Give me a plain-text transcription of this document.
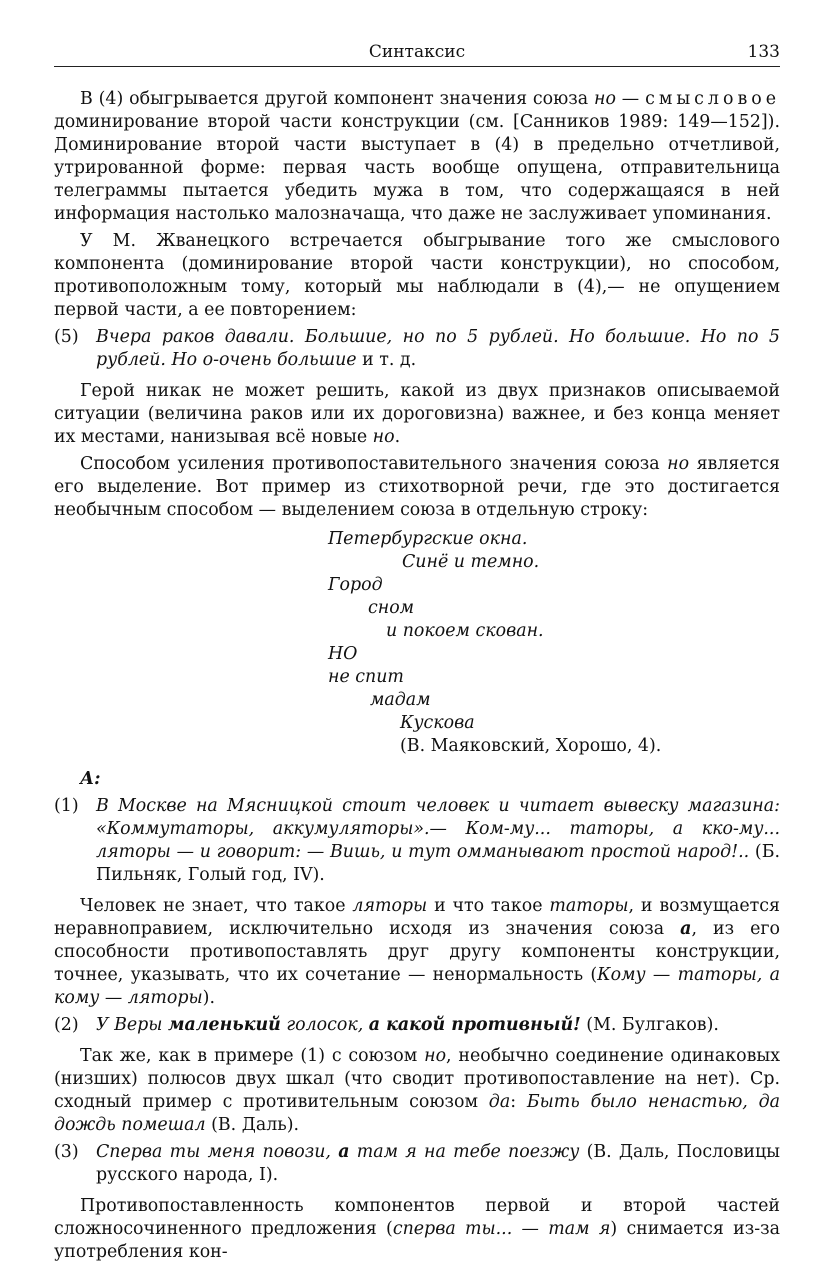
Синтаксис	133

В (4) обыгрывается другой компонент значения союза но — смысловое доминирование второй части конструкции (см. [Санников 1989: 149—152]). Доминирование второй части выступает в (4) в предельно отчетливой, утрированной форме: первая часть вообще опущена, отправительница телеграммы пытается убедить мужа в том, что содержащаяся в ней информация настолько малозначаща, что даже не заслуживает упоминания.

У М. Жванецкого встречается обыгрывание того же смыслового компонента (доминирование второй части конструкции), но способом, противоположным тому, который мы наблюдали в (4),— не опущением первой части, а ее повторением:

(5) Вчера раков давали. Большие, но по 5 рублей. Но большие. Но по 5 рублей. Но о-очень большие и т. д.

Герой никак не может решить, какой из двух признаков описываемой ситуации (величина раков или их дороговизна) важнее, и без конца меняет их местами, нанизывая всё новые но.

Способом усиления противопоставительного значения союза но является его выделение. Вот пример из стихотворной речи, где это достигается необычным способом — выделением союза в отдельную строку:

Петербургские окна.
Синё и темно.
Город
сном
и покоем скован.
НО
не спит
мадам
Кускова
(В. Маяковский, Хорошо, 4).
А:
(1) В Москве на Мясницкой стоит человек и читает вывеску магазина: «Коммутаторы, аккумуляторы».— Ком-му... таторы, а кко-му... ляторы — и говорит: — Вишь, и тут омманывают простой народ!.. (Б. Пильняк, Голый год, IV).

Человек не знает, что такое ляторы и что такое таторы, и возмущается неравноправием, исключительно исходя из значения союза а, из его способности противопоставлять друг другу компоненты конструкции, точнее, указывать, что их сочетание — ненормальность (Кому — таторы, а кому — ляторы).

(2) У Веры маленький голосок, а какой противный! (М. Булгаков).

Так же, как в примере (1) с союзом но, необычно соединение одинаковых (низших) полюсов двух шкал (что сводит противопоставление на нет). Ср. сходный пример с противительным союзом да: Быть было ненастью, да дождь помешал (В. Даль).

(3) Сперва ты меня повози, а там я на тебе поезжу (В. Даль, Пословицы русского народа, I).

Противопоставленность компонентов первой и второй частей сложносочиненного предложения (сперва ты... — там я) снимается из-за употребления кон-
